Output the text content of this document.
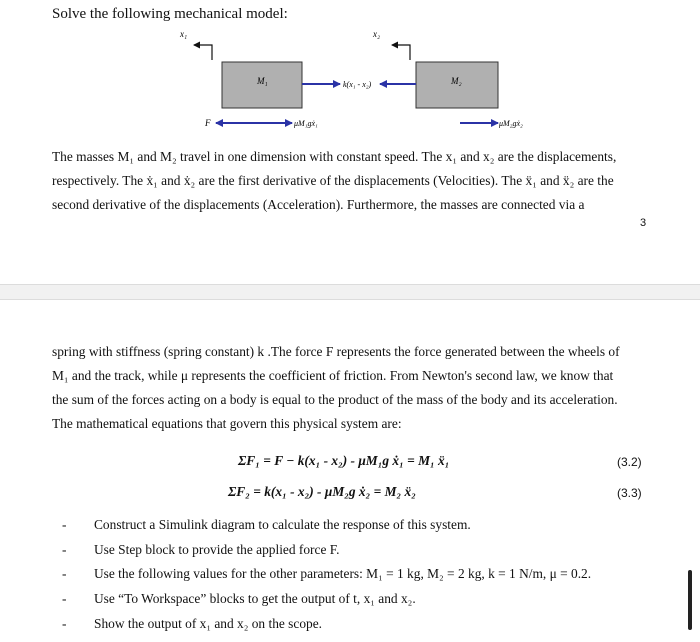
Solve the following mechanical model:
x₁	x₂
M₁	M₂
k(x₁ - x₂)
F	μM₁gẋ₁	μM₂gẋ₂
The masses M₁ and M₂ travel in one dimension with constant speed. The x₁ and x₂ are the displacements,
respectively. The ẋ₁ and ẋ₂ are the first derivative of the displacements (Velocities). The ẍ₁ and ẍ₂ are the
second derivative of the displacements (Acceleration). Furthermore, the masses are connected via a
3
spring with stiffness (spring constant) k .The force F represents the force generated between the wheels of
M₁ and the track, while μ represents the coefficient of friction. From Newton's second law, we know that
the sum of the forces acting on a body is equal to the product of the mass of the body and its acceleration.
The mathematical equations that govern this physical system are:
ΣF₁ = F − k(x₁ - x₂) - μM₁g ẋ₁ = M₁ ẍ₁	(3.2)
ΣF₂ = k(x₁ - x₂) - μM₂g ẋ₂ = M₂ ẍ₂	(3.3)
- Construct a Simulink diagram to calculate the response of this system.
- Use Step block to provide the applied force F.
- Use the following values for the other parameters: M₁ = 1 kg, M₂ = 2 kg, k = 1 N/m, μ = 0.2.
- Use “To Workspace” blocks to get the output of t, x₁ and x₂.
- Show the output of x₁ and x₂ on the scope.
